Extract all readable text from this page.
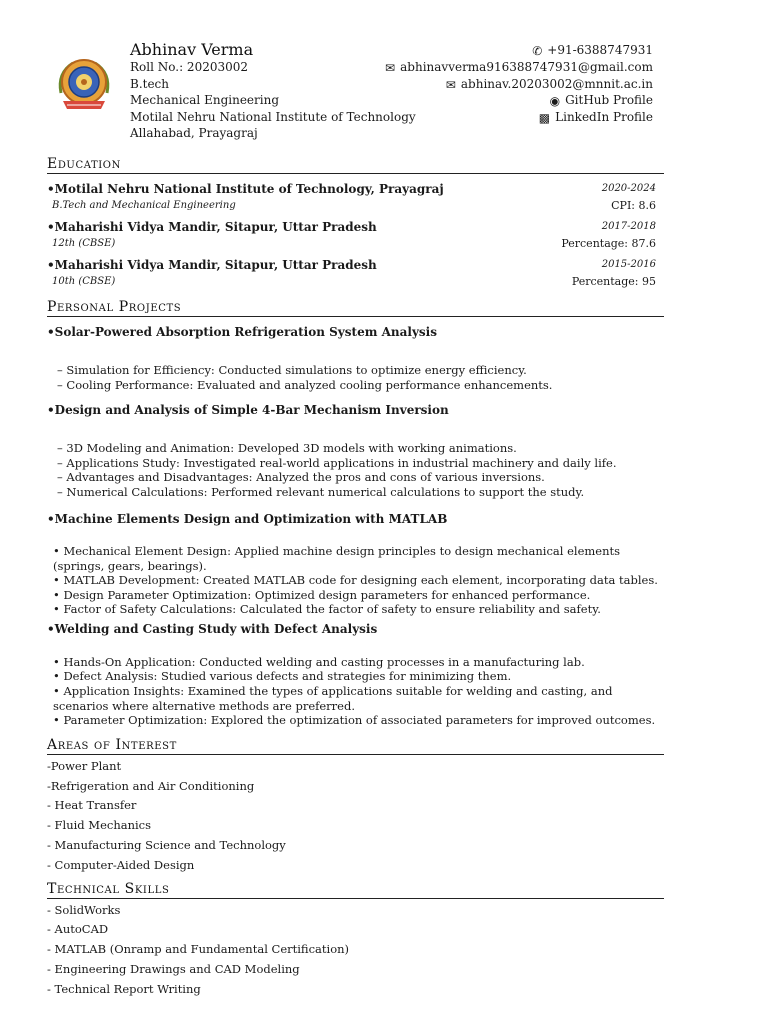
Abhinav Verma
Roll No.: 20203002
B.tech
Mechanical Engineering
Motilal Nehru National Institute of Technology
Allahabad, Prayagraj
✆ +91-6388747931
✉ abhinavverma916388747931@gmail.com
✉ abhinav.20203002@mnnit.ac.in
◉ GitHub Profile
▩ LinkedIn Profile
Education
•Motilal Nehru National Institute of Technology, Prayagraj	2020-2024
B.Tech and Mechanical Engineering	CPI: 8.6
•Maharishi Vidya Mandir, Sitapur, Uttar Pradesh	2017-2018
12th (CBSE)	Percentage: 87.6
•Maharishi Vidya Mandir, Sitapur, Uttar Pradesh	2015-2016
10th (CBSE)	Percentage: 95
Personal Projects
•Solar-Powered Absorption Refrigeration System Analysis
– Simulation for Efficiency: Conducted simulations to optimize energy efficiency.
– Cooling Performance: Evaluated and analyzed cooling performance enhancements.
•Design and Analysis of Simple 4-Bar Mechanism Inversion
– 3D Modeling and Animation: Developed 3D models with working animations.
– Applications Study: Investigated real-world applications in industrial machinery and daily life.
– Advantages and Disadvantages: Analyzed the pros and cons of various inversions.
– Numerical Calculations: Performed relevant numerical calculations to support the study.
•Machine Elements Design and Optimization with MATLAB
• Mechanical Element Design: Applied machine design principles to design mechanical elements (springs, gears, bearings).
• MATLAB Development: Created MATLAB code for designing each element, incorporating data tables.
• Design Parameter Optimization: Optimized design parameters for enhanced performance.
• Factor of Safety Calculations: Calculated the factor of safety to ensure reliability and safety.
•Welding and Casting Study with Defect Analysis
• Hands-On Application: Conducted welding and casting processes in a manufacturing lab.
• Defect Analysis: Studied various defects and strategies for minimizing them.
• Application Insights: Examined the types of applications suitable for welding and casting, and scenarios where alternative methods are preferred.
• Parameter Optimization: Explored the optimization of associated parameters for improved outcomes.
Areas of Interest
-Power Plant
-Refrigeration and Air Conditioning
- Heat Transfer
- Fluid Mechanics
- Manufacturing Science and Technology
- Computer-Aided Design
Technical Skills
- SolidWorks
- AutoCAD
- MATLAB (Onramp and Fundamental Certification)
- Engineering Drawings and CAD Modeling
- Technical Report Writing
